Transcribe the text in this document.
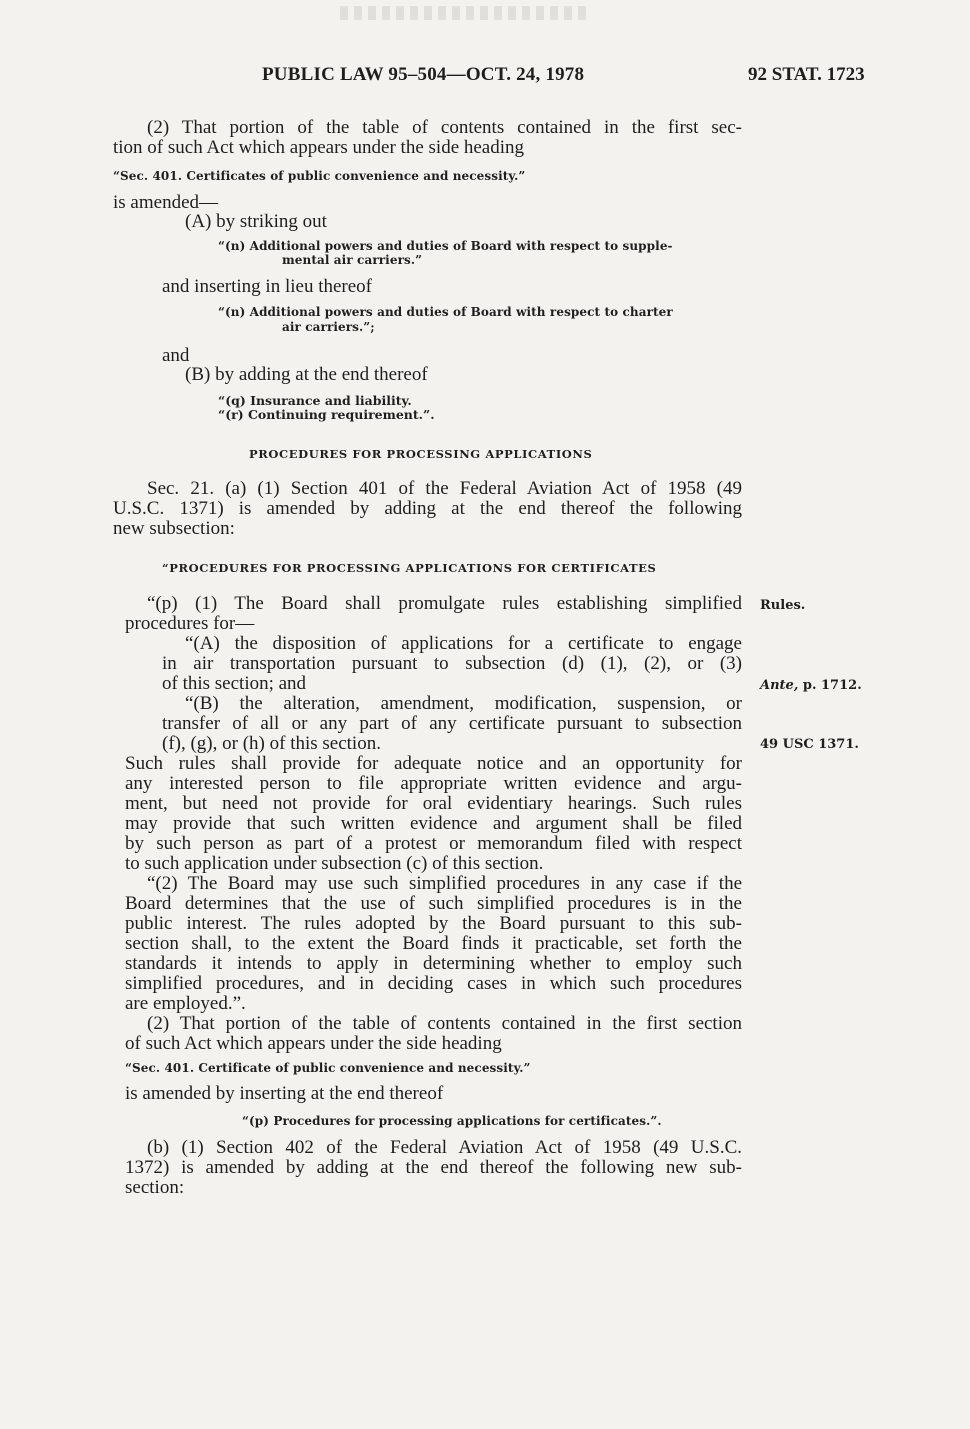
PUBLIC LAW 95–504—OCT. 24, 1978	92 STAT. 1723
(2) That portion of the table of contents contained in the first sec-
tion of such Act which appears under the side heading
“Sec. 401. Certificates of public convenience and necessity.”
is amended—
(A) by striking out
“(n) Additional powers and duties of Board with respect to supple-
mental air carriers.”
and inserting in lieu thereof
“(n) Additional powers and duties of Board with respect to charter
air carriers.”;
and
(B) by adding at the end thereof
“(q) Insurance and liability.
“(r) Continuing requirement.”.
PROCEDURES FOR PROCESSING APPLICATIONS
Sec. 21. (a) (1) Section 401 of the Federal Aviation Act of 1958 (49
U.S.C. 1371) is amended by adding at the end thereof the following
new subsection:
“PROCEDURES FOR PROCESSING APPLICATIONS FOR CERTIFICATES
“(p) (1) The Board shall promulgate rules establishing simplified
procedures for—
“(A) the disposition of applications for a certificate to engage
in air transportation pursuant to subsection (d) (1), (2), or (3)
of this section; and
“(B) the alteration, amendment, modification, suspension, or
transfer of all or any part of any certificate pursuant to subsection
(f), (g), or (h) of this section.
Such rules shall provide for adequate notice and an opportunity for
any interested person to file appropriate written evidence and argu-
ment, but need not provide for oral evidentiary hearings. Such rules
may provide that such written evidence and argument shall be filed
by such person as part of a protest or memorandum filed with respect
to such application under subsection (c) of this section.
“(2) The Board may use such simplified procedures in any case if the
Board determines that the use of such simplified procedures is in the
public interest. The rules adopted by the Board pursuant to this sub-
section shall, to the extent the Board finds it practicable, set forth the
standards it intends to apply in determining whether to employ such
simplified procedures, and in deciding cases in which such procedures
are employed.”.
(2) That portion of the table of contents contained in the first section
of such Act which appears under the side heading
“Sec. 401. Certificate of public convenience and necessity.”
is amended by inserting at the end thereof
“(p) Procedures for processing applications for certificates.”.
(b) (1) Section 402 of the Federal Aviation Act of 1958 (49 U.S.C.
1372) is amended by adding at the end thereof the following new sub-
section:
Rules.
Ante, p. 1712.
49 USC 1371.
